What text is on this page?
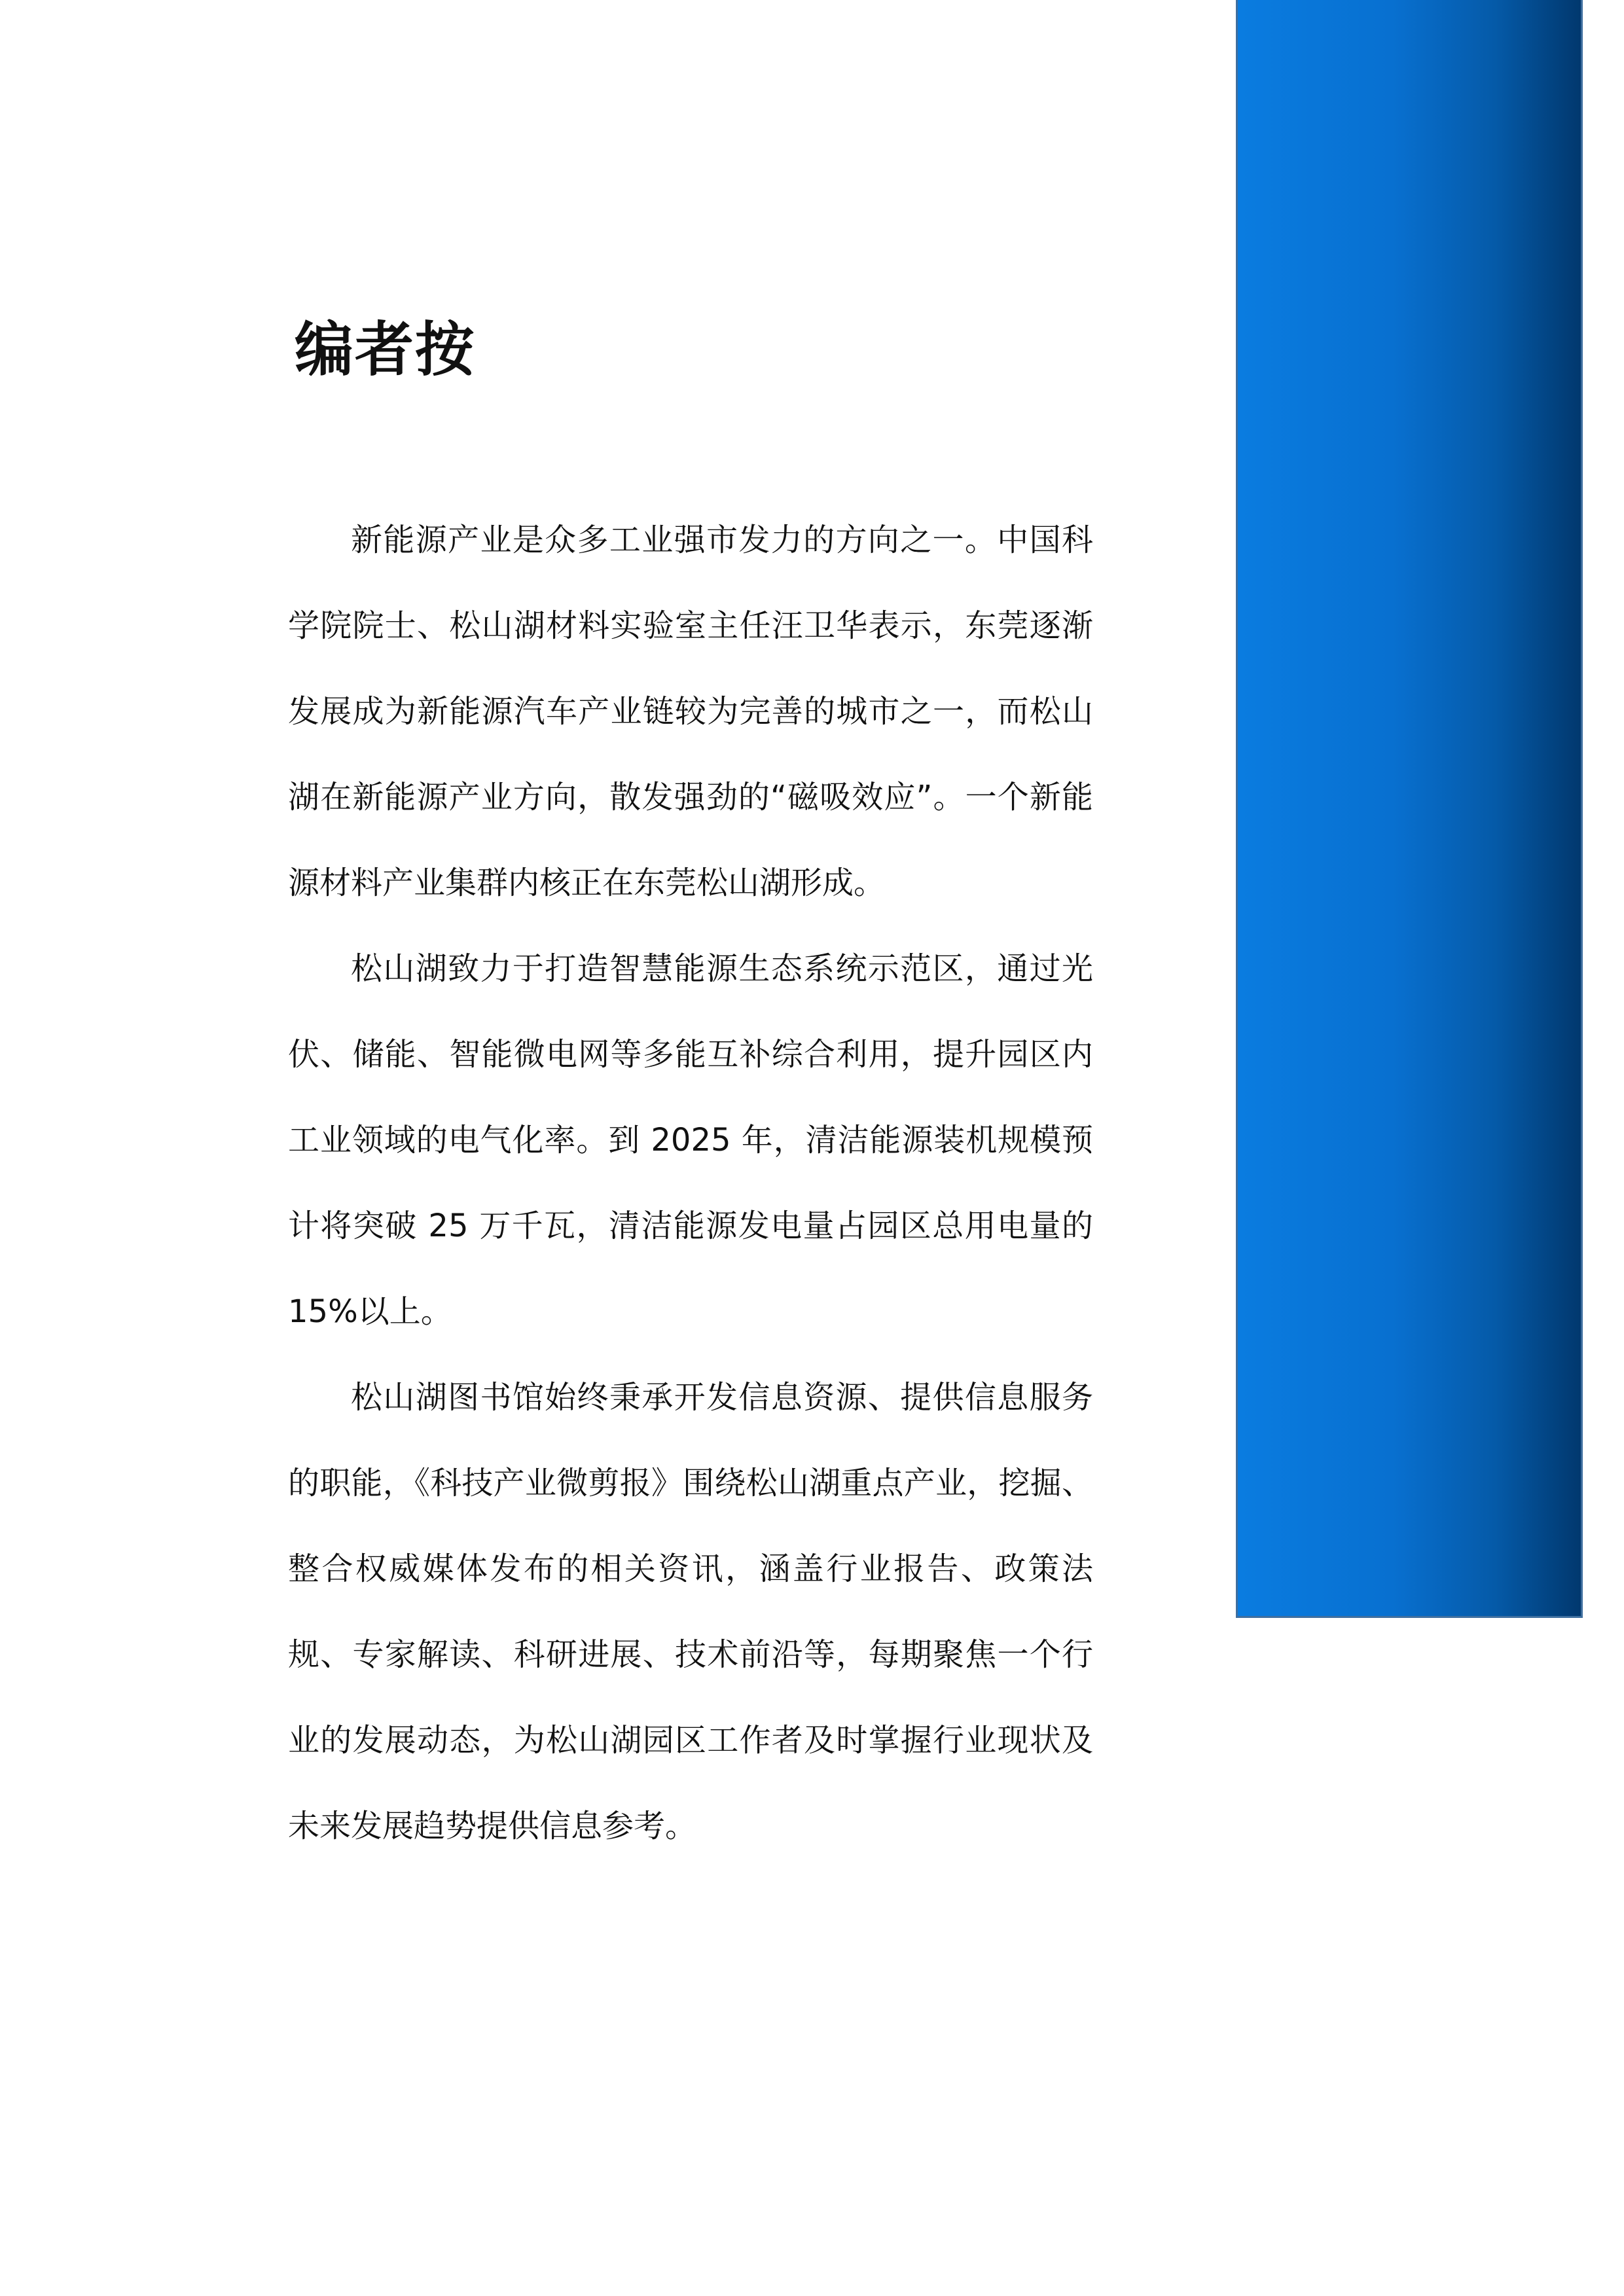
编者按

新能源产业是众多工业强市发力的方向之一。中国科学院院士、松山湖材料实验室主任汪卫华表示，东莞逐渐发展成为新能源汽车产业链较为完善的城市之一，而松山湖在新能源产业方向，散发强劲的“磁吸效应”。一个新能源材料产业集群内核正在东莞松山湖形成。

松山湖致力于打造智慧能源生态系统示范区，通过光伏、储能、智能微电网等多能互补综合利用，提升园区内工业领域的电气化率。到 2025 年，清洁能源装机规模预计将突破 25 万千瓦，清洁能源发电量占园区总用电量的 15%以上。

松山湖图书馆始终秉承开发信息资源、提供信息服务的职能，《科技产业微剪报》围绕松山湖重点产业，挖掘、整合权威媒体发布的相关资讯，涵盖行业报告、政策法规、专家解读、科研进展、技术前沿等，每期聚焦一个行业的发展动态，为松山湖园区工作者及时掌握行业现状及未来发展趋势提供信息参考。
